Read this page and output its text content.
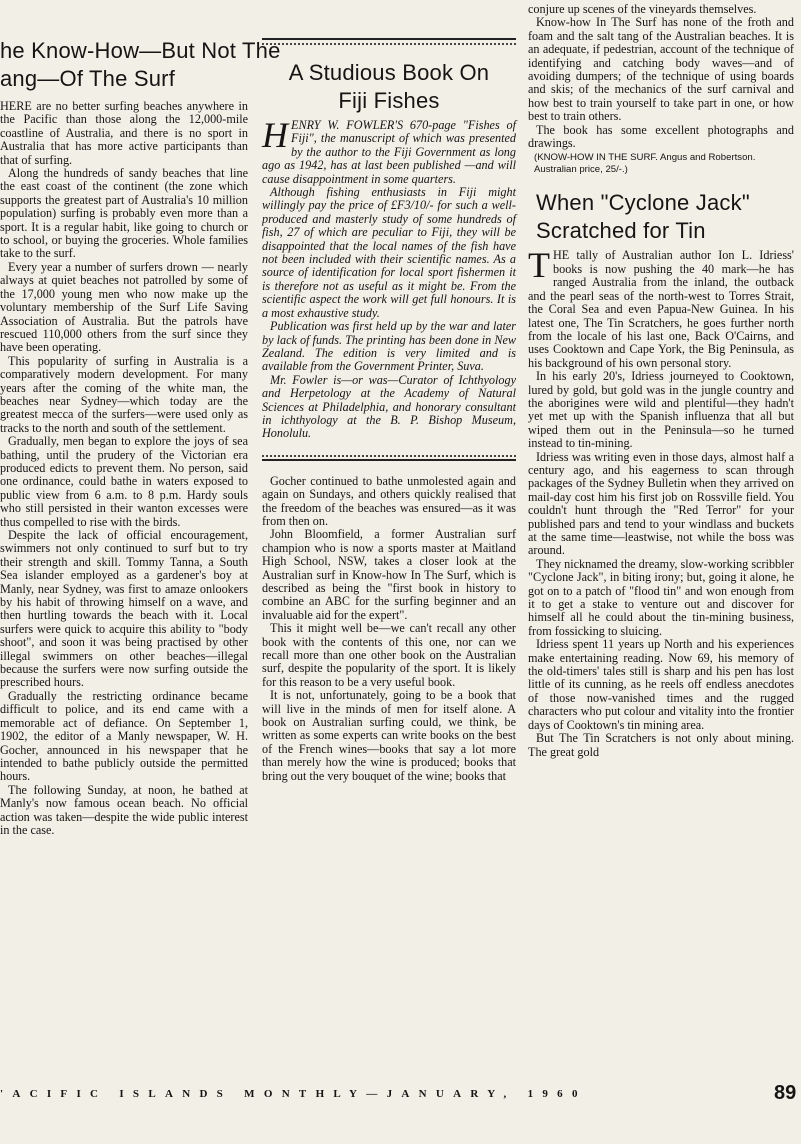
he Know-How—But Not The
ang—Of The Surf

HERE are no better surfing beaches anywhere in the Pacific than those along the 12,000-mile coastline of Australia, and there is no sport in Australia that has more active participants than that of surfing.

Along the hundreds of sandy beaches that line the east coast of the continent (the zone which supports the greatest part of Australia's 10 million population) surfing is probably even more than a sport. It is a regular habit, like going to church or to school, or buying the groceries. Whole families take to the surf.

Every year a number of surfers drown — nearly always at quiet beaches not patrolled by some of the 17,000 young men who now make up the voluntary membership of the Surf Life Saving Association of Australia. But the patrols have rescued 110,000 others from the surf since they have been operating.

This popularity of surfing in Australia is a comparatively modern development. For many years after the coming of the white man, the beaches near Sydney—which today are the greatest mecca of the surfers—were used only as tracks to the north and south of the settlement.

Gradually, men began to explore the joys of sea bathing, until the prudery of the Victorian era produced edicts to prevent them. No person, said one ordinance, could bathe in waters exposed to public view from 6 a.m. to 8 p.m. Hardy souls who still persisted in their wanton excesses were thus compelled to rise with the birds.

Despite the lack of official encouragement, swimmers not only continued to surf but to try their strength and skill. Tommy Tanna, a South Sea islander employed as a gardener's boy at Manly, near Sydney, was first to amaze onlookers by his habit of throwing himself on a wave, and then hurtling towards the beach with it. Local surfers were quick to acquire this ability to "body shoot", and soon it was being practised by other illegal swimmers on other beaches—illegal because the surfers were now surfing outside the prescribed hours.

Gradually the restricting ordinance became difficult to police, and its end came with a memorable act of defiance. On September 1, 1902, the editor of a Manly newspaper, W. H. Gocher, announced in his newspaper that he intended to bathe publicly outside the permitted hours.

The following Sunday, at noon, he bathed at Manly's now famous ocean beach. No official action was taken—despite the wide public interest in the case.

A Studious Book On
Fiji Fishes
H ENRY W. FOWLER'S 670-page "Fishes of Fiji", the manuscript of which was presented by the author to the Fiji Government as long ago as 1942, has at last been published —and will cause disappointment in some quarters.

Although fishing enthusiasts in Fiji might willingly pay the price of £F3/10/- for such a well-produced and masterly study of some hundreds of fish, 27 of which are peculiar to Fiji, they will be disappointed that the local names of the fish have not been included with their scientific names. As a source of identification for local sport fishermen it is therefore not as useful as it might be. From the scientific aspect the work will get full honours. It is a most exhaustive study.

Publication was first held up by the war and later by lack of funds. The printing has been done in New Zealand. The edition is very limited and is available from the Government Printer, Suva.

Mr. Fowler is—or was—Curator of Ichthyology and Herpetology at the Academy of Natural Sciences at Philadelphia, and honorary consultant in ichthyology at the B. P. Bishop Museum, Honolulu.

Gocher continued to bathe unmolested again and again on Sundays, and others quickly realised that the freedom of the beaches was ensured—as it was from then on.

John Bloomfield, a former Australian surf champion who is now a sports master at Maitland High School, NSW, takes a closer look at the Australian surf in Know-how In The Surf, which is described as being the "first book in history to combine an ABC for the surfing beginner and an invaluable aid for the expert".

This it might well be—we can't recall any other book with the contents of this one, nor can we recall more than one other book on the Australian surf, despite the popularity of the sport. It is likely for this reason to be a very useful book.

It is not, unfortunately, going to be a book that will live in the minds of men for itself alone. A book on Australian surfing could, we think, be written as some experts can write books on the best of the French wines—books that say a lot more than merely how the wine is produced; books that bring out the very bouquet of the wine; books that

conjure up scenes of the vineyards themselves.

Know-how In The Surf has none of the froth and foam and the salt tang of the Australian beaches. It is an adequate, if pedestrian, account of the technique of identifying and catching body waves—and of avoiding dumpers; of the technique of using boards and skis; of the mechanics of the surf carnival and how best to train yourself to take part in one, or how best to train others.

The book has some excellent photographs and drawings.

(KNOW-HOW IN THE SURF. Angus and Robertson. Australian price, 25/-.)
When "Cyclone Jack"
Scratched for Tin
T HE tally of Australian author Ion L. Idriess' books is now pushing the 40 mark—he has ranged Australia from the inland, the outback and the pearl seas of the north-west to Torres Strait, the Coral Sea and even Papua-New Guinea. In his latest one, The Tin Scratchers, he goes further north from the locale of his last one, Back O'Cairns, and uses Cooktown and Cape York, the Big Peninsula, as his background of his own personal story.

In his early 20's, Idriess journeyed to Cooktown, lured by gold, but gold was in the jungle country and the aborigines were wild and plentiful—they hadn't yet met up with the Spanish influenza that all but wiped them out in the Peninsula—so he turned instead to tin-mining.

Idriess was writing even in those days, almost half a century ago, and his eagerness to scan through packages of the Sydney Bulletin when they arrived on mail-day cost him his first job on Rossville field. You couldn't hunt through the "Red Terror" for your published pars and tend to your windlass and buckets at the same time—leastwise, not while the boss was around.

They nicknamed the dreamy, slow-working scribbler "Cyclone Jack", in biting irony; but, going it alone, he got on to a patch of "flood tin" and won enough from it to get a stake to venture out and discover for himself all he could about the tin-mining business, from fossicking to sluicing.

Idriess spent 11 years up North and his experiences make entertaining reading. Now 69, his memory of the old-timers' tales still is sharp and his pen has lost little of its cunning, as he reels off endless anecdotes of those now-vanished times and the rugged characters who put colour and vitality into the frontier days of Cooktown's tin mining area.

But The Tin Scratchers is not only about mining. The great gold

'ACIFIC ISLANDS MONTHLY—JANUARY, 1960	89
